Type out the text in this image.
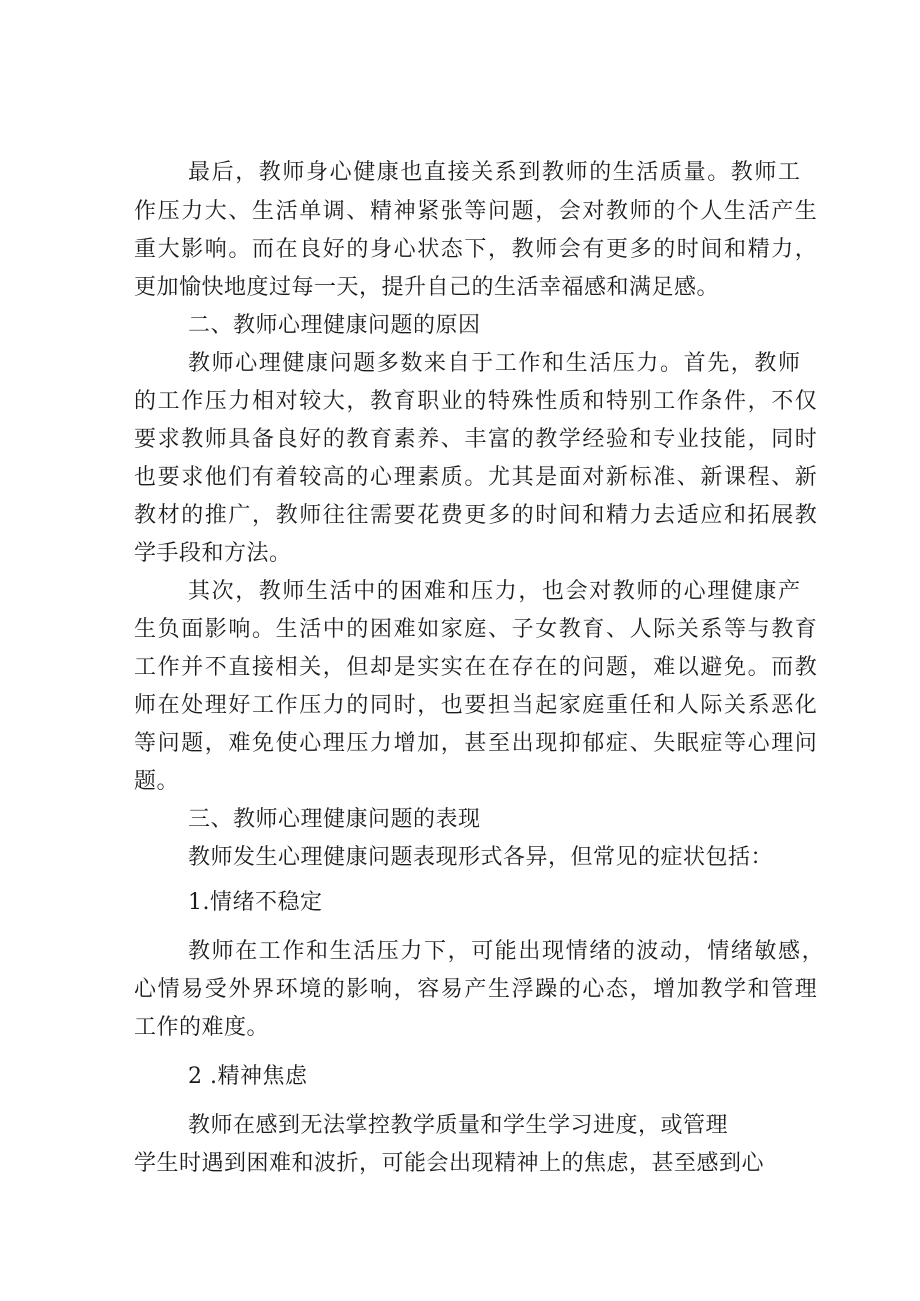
最后，教师身心健康也直接关系到教师的生活质量。教师工
作压力大、生活单调、精神紧张等问题，会对教师的个人生活产生
重大影响。而在良好的身心状态下，教师会有更多的时间和精力，
更加愉快地度过每一天，提升自己的生活幸福感和满足感。
二、教师心理健康问题的原因
教师心理健康问题多数来自于工作和生活压力。首先，教师
的工作压力相对较大，教育职业的特殊性质和特别工作条件，不仅
要求教师具备良好的教育素养、丰富的教学经验和专业技能，同时
也要求他们有着较高的心理素质。尤其是面对新标准、新课程、新
教材的推广，教师往往需要花费更多的时间和精力去适应和拓展教
学手段和方法。
其次，教师生活中的困难和压力，也会对教师的心理健康产
生负面影响。生活中的困难如家庭、子女教育、人际关系等与教育
工作并不直接相关，但却是实实在在存在的问题，难以避免。而教
师在处理好工作压力的同时，也要担当起家庭重任和人际关系恶化
等问题，难免使心理压力增加，甚至出现抑郁症、失眠症等心理问
题。
三、教师心理健康问题的表现
教师发生心理健康问题表现形式各异，但常见的症状包括：
1.情绪不稳定
教师在工作和生活压力下，可能出现情绪的波动，情绪敏感，
心情易受外界环境的影响，容易产生浮躁的心态，增加教学和管理
工作的难度。
2 .精神焦虑
教师在感到无法掌控教学质量和学生学习进度，或管理
学生时遇到困难和波折，可能会出现精神上的焦虑，甚至感到心
